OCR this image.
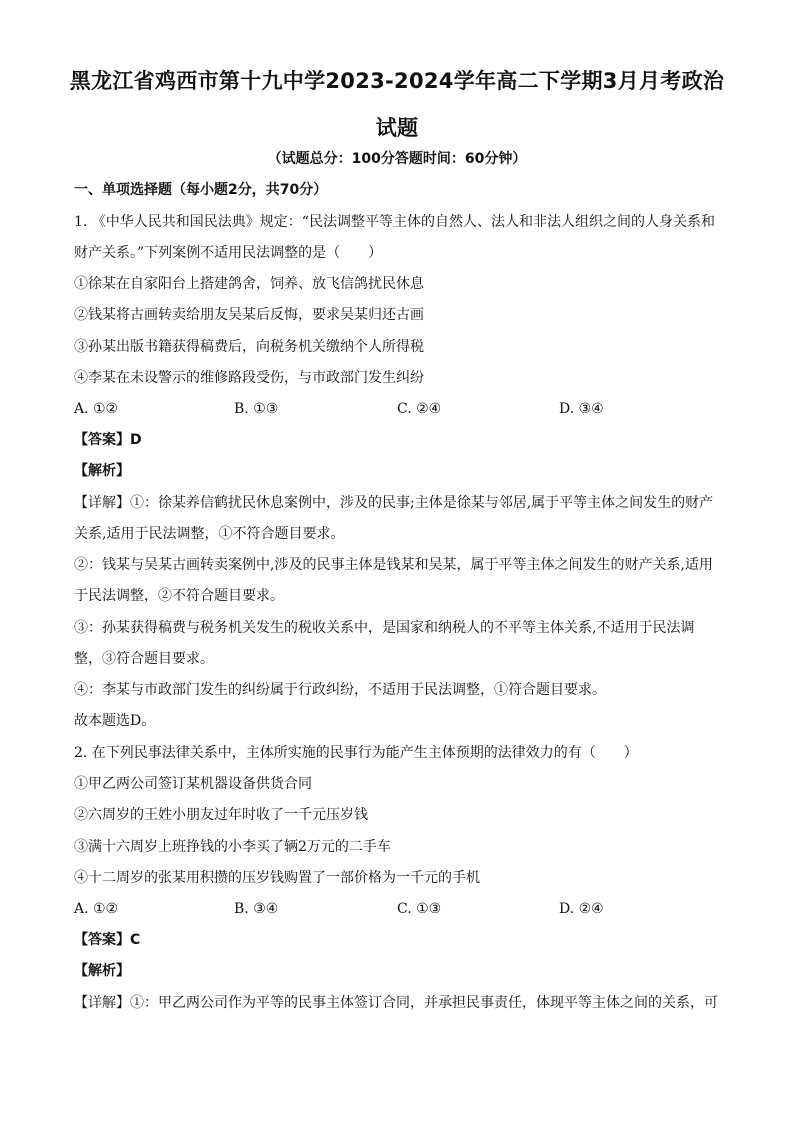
黑龙江省鸡西市第十九中学2023-2024学年高二下学期3月月考政治
试题
（试题总分：100分答题时间：60分钟）
一、单项选择题（每小题2分，共70分）
1. 《中华人民共和国民法典》规定：“民法调整平等主体的自然人、法人和非法人组织之间的人身关系和
财产关系。”下列案例不适用民法调整的是（　　）
①徐某在自家阳台上搭建鸽舍，饲养、放飞信鸽扰民休息
②钱某将古画转卖给朋友吴某后反悔，要求吴某归还古画
③孙某出版书籍获得稿费后，向税务机关缴纳个人所得税
④李某在未设警示的维修路段受伤，与市政部门发生纠纷
A. ①②	B. ①③	C. ②④	D. ③④
【答案】D
【解析】
【详解】①：徐某养信鹤扰民休息案例中，涉及的民事;主体是徐某与邻居,属于平等主体之间发生的财产
关系,适用于民法调整，①不符合题目要求。
②：钱某与吴某古画转卖案例中,涉及的民事主体是钱某和吴某，属于平等主体之间发生的财产关系,适用
于民法调整，②不符合题目要求。
③：孙某获得稿费与税务机关发生的税收关系中，是国家和纳税人的不平等主体关系,不适用于民法调
整，③符合题目要求。
④：李某与市政部门发生的纠纷属于行政纠纷，不适用于民法调整，①符合题目要求。
故本题选D。
2. 在下列民事法律关系中，主体所实施的民事行为能产生主体预期的法律效力的有（　　）
①甲乙两公司签订某机器设备供货合同
②六周岁的王姓小朋友过年时收了一千元压岁钱
③满十六周岁上班挣钱的小李买了辆2万元的二手车
④十二周岁的张某用积攒的压岁钱购置了一部价格为一千元的手机
A. ①②	B. ③④	C. ①③	D. ②④
【答案】C
【解析】
【详解】①：甲乙两公司作为平等的民事主体签订合同，并承担民事责任，体现平等主体之间的关系，可
